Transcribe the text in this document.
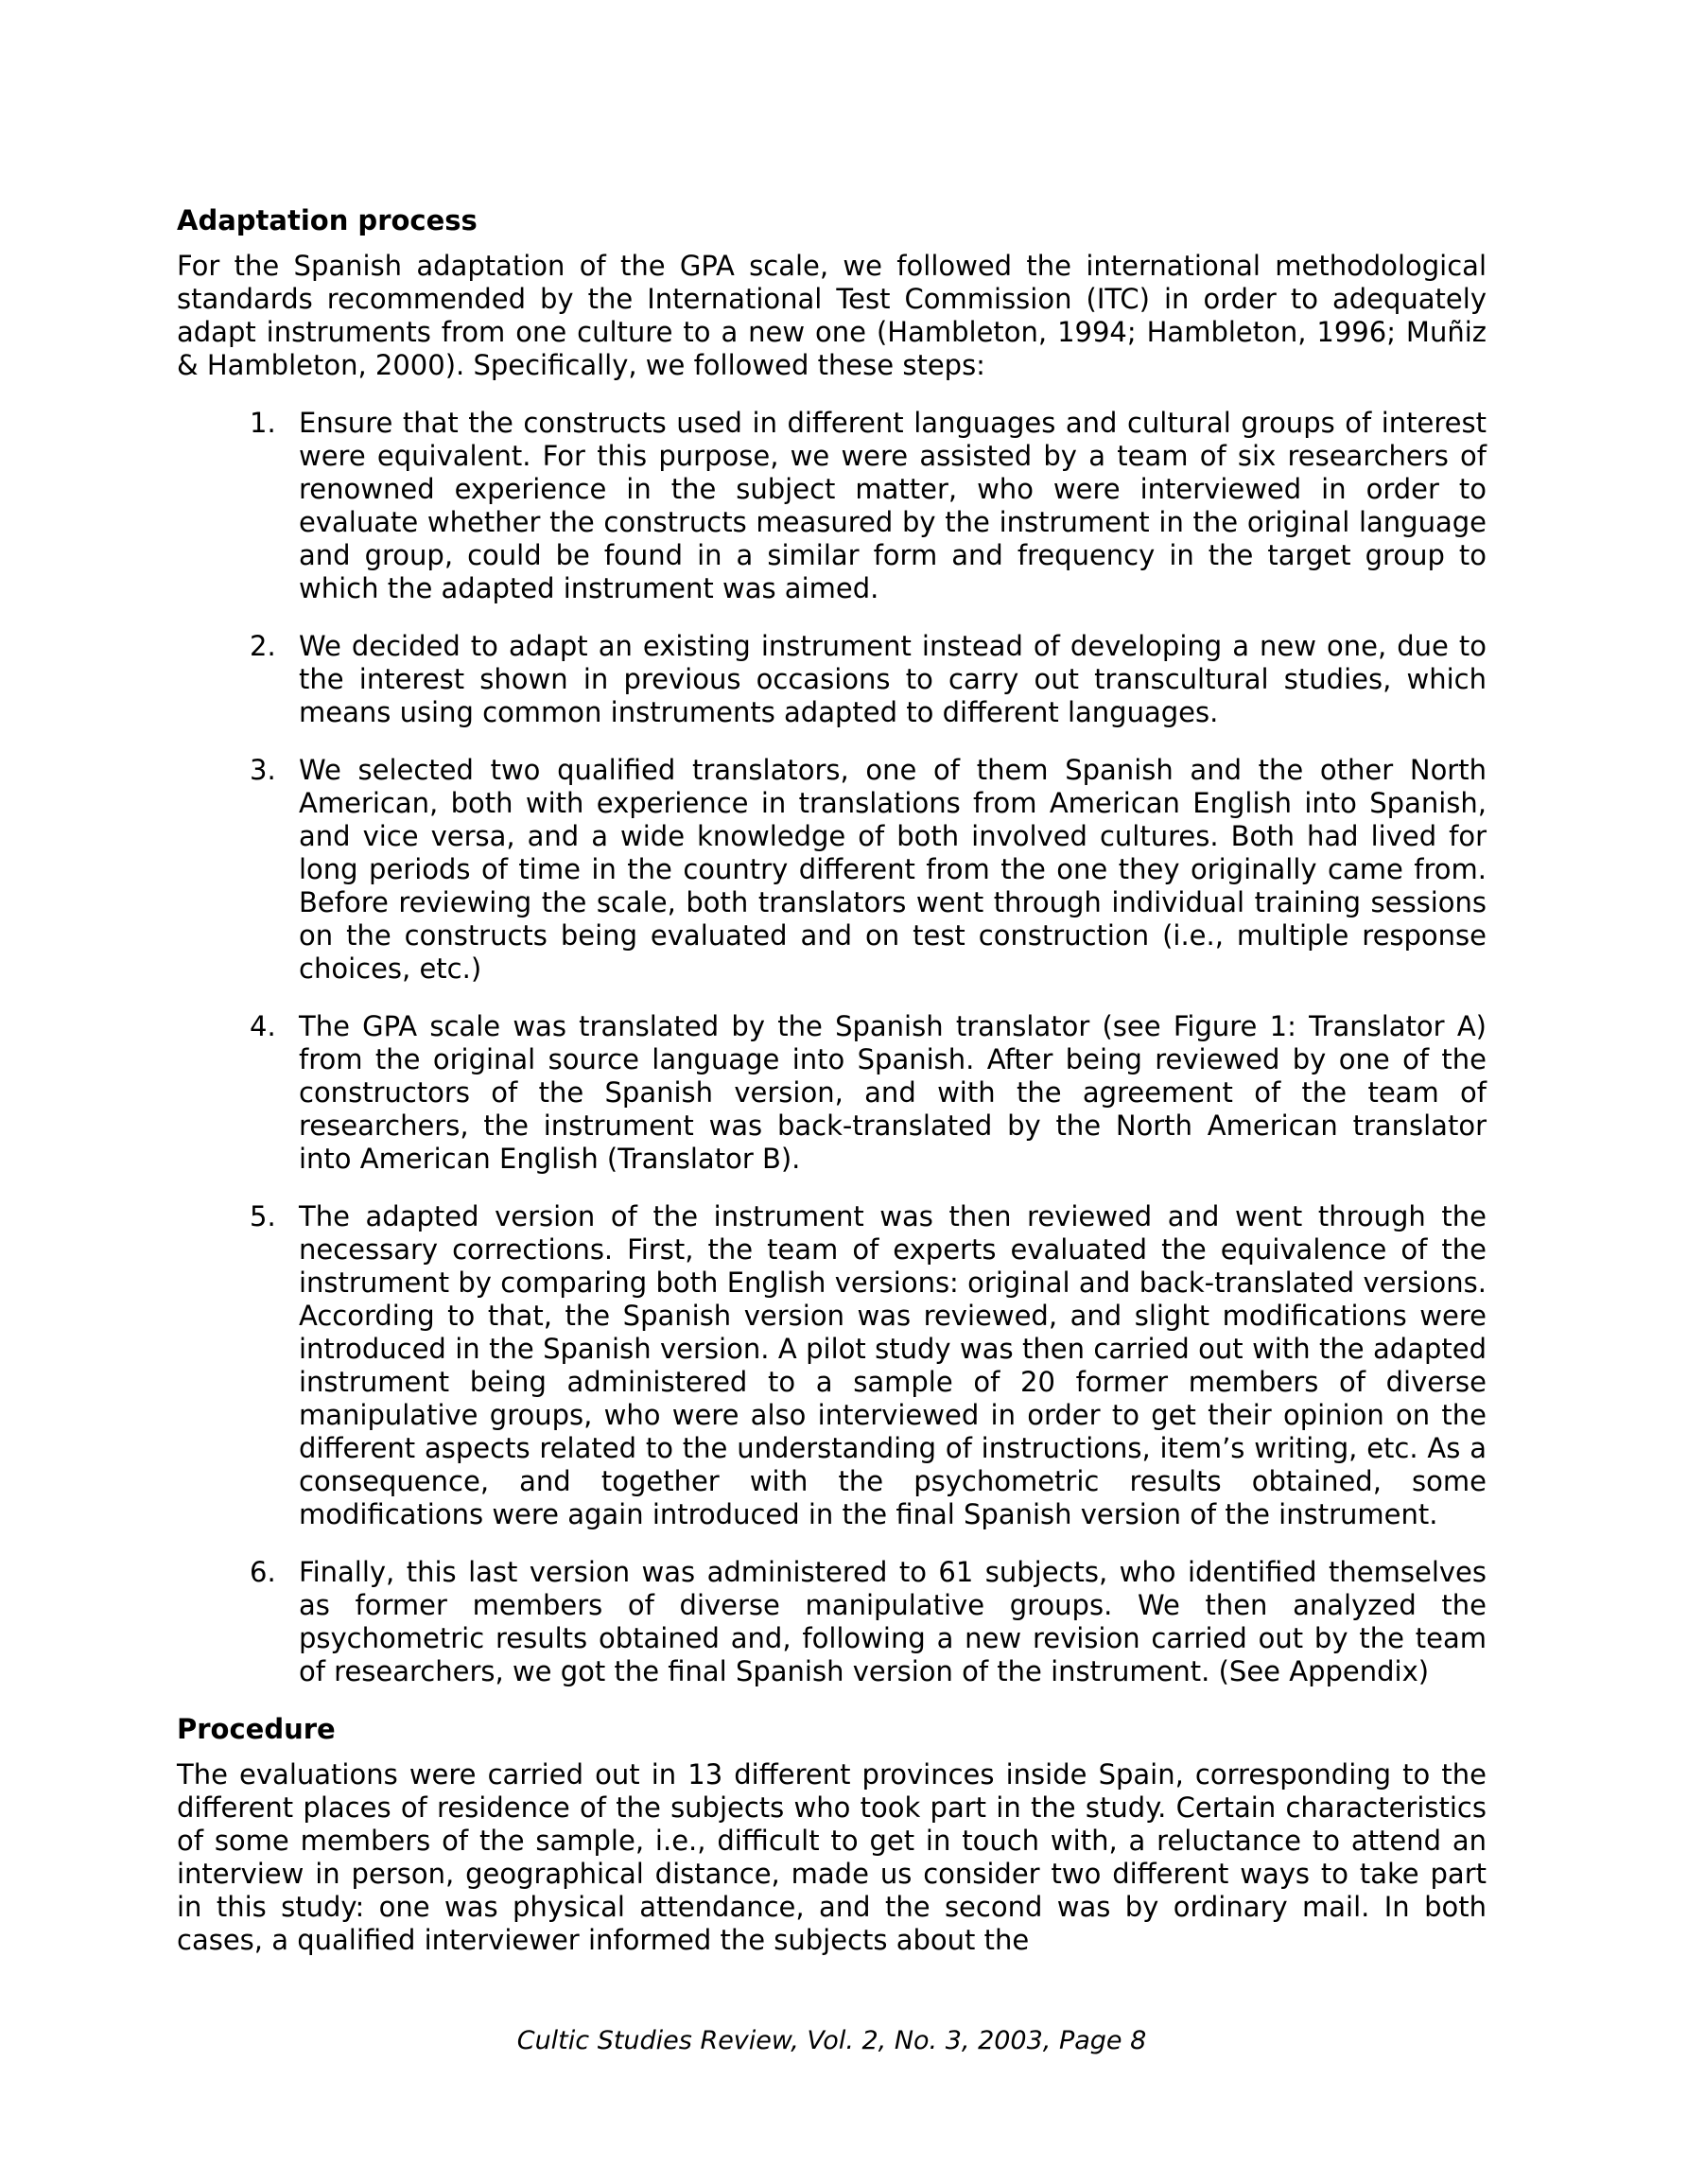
Adaptation process

For the Spanish adaptation of the GPA scale, we followed the international methodological standards recommended by the International Test Commission (ITC) in order to adequately adapt instruments from one culture to a new one (Hambleton, 1994; Hambleton, 1996; Muñiz & Hambleton, 2000). Specifically, we followed these steps:

1. Ensure that the constructs used in different languages and cultural groups of interest were equivalent. For this purpose, we were assisted by a team of six researchers of renowned experience in the subject matter, who were interviewed in order to evaluate whether the constructs measured by the instrument in the original language and group, could be found in a similar form and frequency in the target group to which the adapted instrument was aimed.
2. We decided to adapt an existing instrument instead of developing a new one, due to the interest shown in previous occasions to carry out transcultural studies, which means using common instruments adapted to different languages.
3. We selected two qualified translators, one of them Spanish and the other North American, both with experience in translations from American English into Spanish, and vice versa, and a wide knowledge of both involved cultures. Both had lived for long periods of time in the country different from the one they originally came from. Before reviewing the scale, both translators went through individual training sessions on the constructs being evaluated and on test construction (i.e., multiple response choices, etc.)
4. The GPA scale was translated by the Spanish translator (see Figure 1: Translator A) from the original source language into Spanish. After being reviewed by one of the constructors of the Spanish version, and with the agreement of the team of researchers, the instrument was back-translated by the North American translator into American English (Translator B).
5. The adapted version of the instrument was then reviewed and went through the necessary corrections. First, the team of experts evaluated the equivalence of the instrument by comparing both English versions: original and back-translated versions. According to that, the Spanish version was reviewed, and slight modifications were introduced in the Spanish version. A pilot study was then carried out with the adapted instrument being administered to a sample of 20 former members of diverse manipulative groups, who were also interviewed in order to get their opinion on the different aspects related to the understanding of instructions, item’s writing, etc. As a consequence, and together with the psychometric results obtained, some modifications were again introduced in the final Spanish version of the instrument.
6. Finally, this last version was administered to 61 subjects, who identified themselves as former members of diverse manipulative groups. We then analyzed the psychometric results obtained and, following a new revision carried out by the team of researchers, we got the final Spanish version of the instrument. (See Appendix)
Procedure

The evaluations were carried out in 13 different provinces inside Spain, corresponding to the different places of residence of the subjects who took part in the study. Certain characteristics of some members of the sample, i.e., difficult to get in touch with, a reluctance to attend an interview in person, geographical distance, made us consider two different ways to take part in this study: one was physical attendance, and the second was by ordinary mail. In both cases, a qualified interviewer informed the subjects about the

Cultic Studies Review, Vol. 2, No. 3, 2003, Page 8
